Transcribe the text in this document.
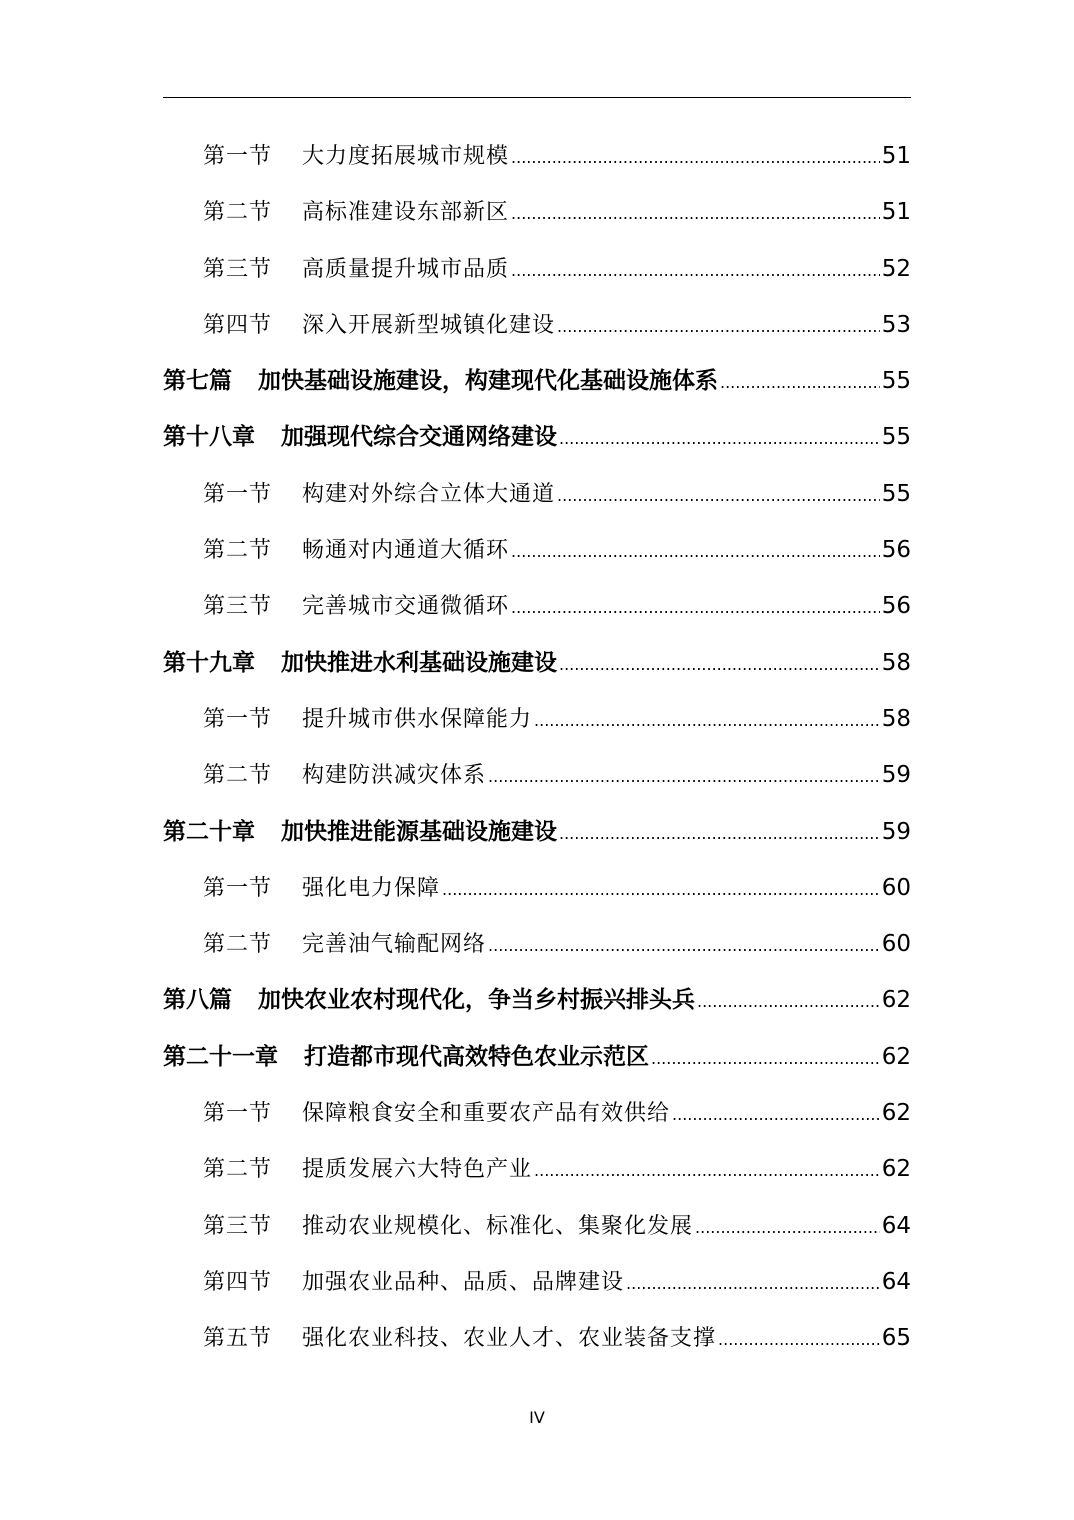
第一节 大力度拓展城市规模 .....	51
第二节 高标准建设东部新区 .....	51
第三节 高质量提升城市品质 .....	52
第四节 深入开展新型城镇化建设 .....	53
第七篇 加快基础设施建设，构建现代化基础设施体系 .....	55
第十八章 加强现代综合交通网络建设 .....	55
第一节 构建对外综合立体大通道 .....	55
第二节 畅通对内通道大循环 .....	56
第三节 完善城市交通微循环 .....	56
第十九章 加快推进水利基础设施建设 .....	58
第一节 提升城市供水保障能力 .....	58
第二节 构建防洪减灾体系 .....	59
第二十章 加快推进能源基础设施建设 .....	59
第一节 强化电力保障 .....	60
第二节 完善油气输配网络 .....	60
第八篇 加快农业农村现代化，争当乡村振兴排头兵 .....	62
第二十一章 打造都市现代高效特色农业示范区 .....	62
第一节 保障粮食安全和重要农产品有效供给 .....	62
第二节 提质发展六大特色产业 .....	62
第三节 推动农业规模化、标准化、集聚化发展 .....	64
第四节 加强农业品种、品质、品牌建设 .....	64
第五节 强化农业科技、农业人才、农业装备支撑 .....	65
IV
